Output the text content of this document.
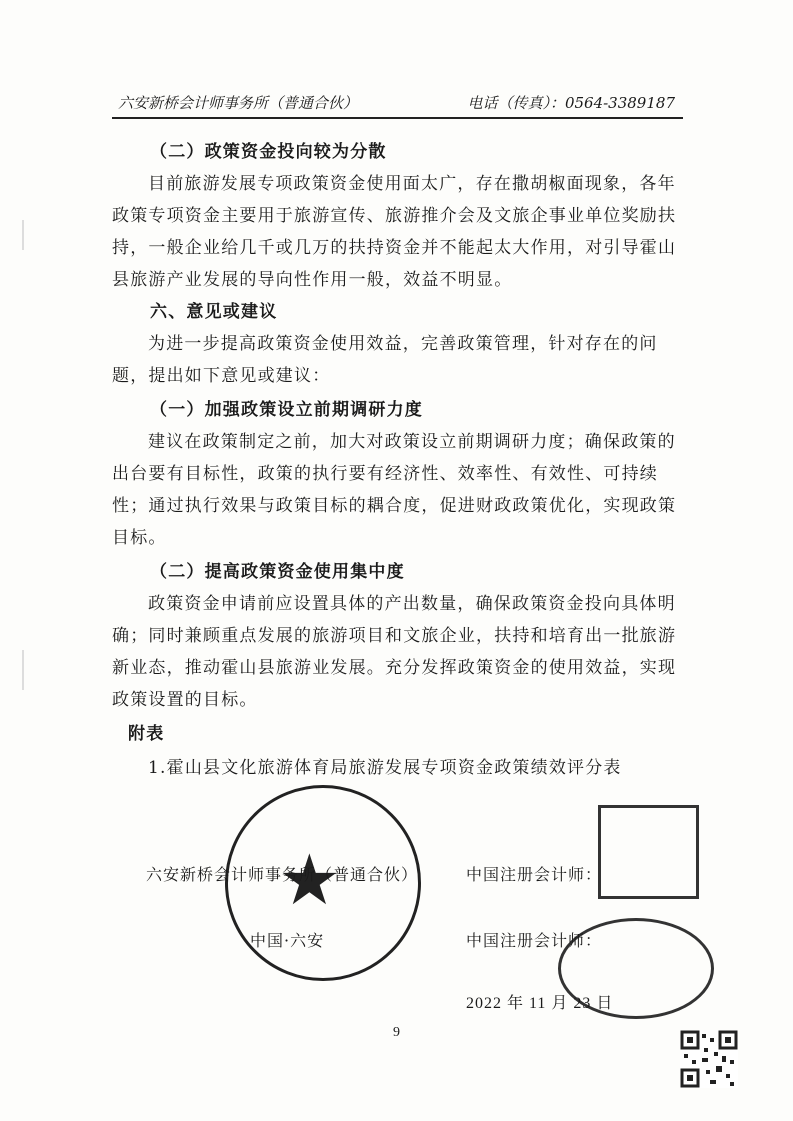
六安新桥会计师事务所（普通合伙）	电话（传真）：0564-3389187
（二）政策资金投向较为分散
目前旅游发展专项政策资金使用面太广，存在撒胡椒面现象，各年政策专项资金主要用于旅游宣传、旅游推介会及文旅企事业单位奖励扶持，一般企业给几千或几万的扶持资金并不能起太大作用，对引导霍山县旅游产业发展的导向性作用一般，效益不明显。
六、意见或建议
为进一步提高政策资金使用效益，完善政策管理，针对存在的问题，提出如下意见或建议：
（一）加强政策设立前期调研力度
建议在政策制定之前，加大对政策设立前期调研力度；确保政策的出台要有目标性，政策的执行要有经济性、效率性、有效性、可持续性；通过执行效果与政策目标的耦合度，促进财政政策优化，实现政策目标。
（二）提高政策资金使用集中度
政策资金申请前应设置具体的产出数量，确保政策资金投向具体明确；同时兼顾重点发展的旅游项目和文旅企业，扶持和培育出一批旅游新业态，推动霍山县旅游业发展。充分发挥政策资金的使用效益，实现政策设置的目标。
附表
1.霍山县文化旅游体育局旅游发展专项资金政策绩效评分表
★
六安新桥会计师事务所（普通合伙）
中国·六安
中国注册会计师：
中国注册会计师：
2022 年 11 月 23 日
9
